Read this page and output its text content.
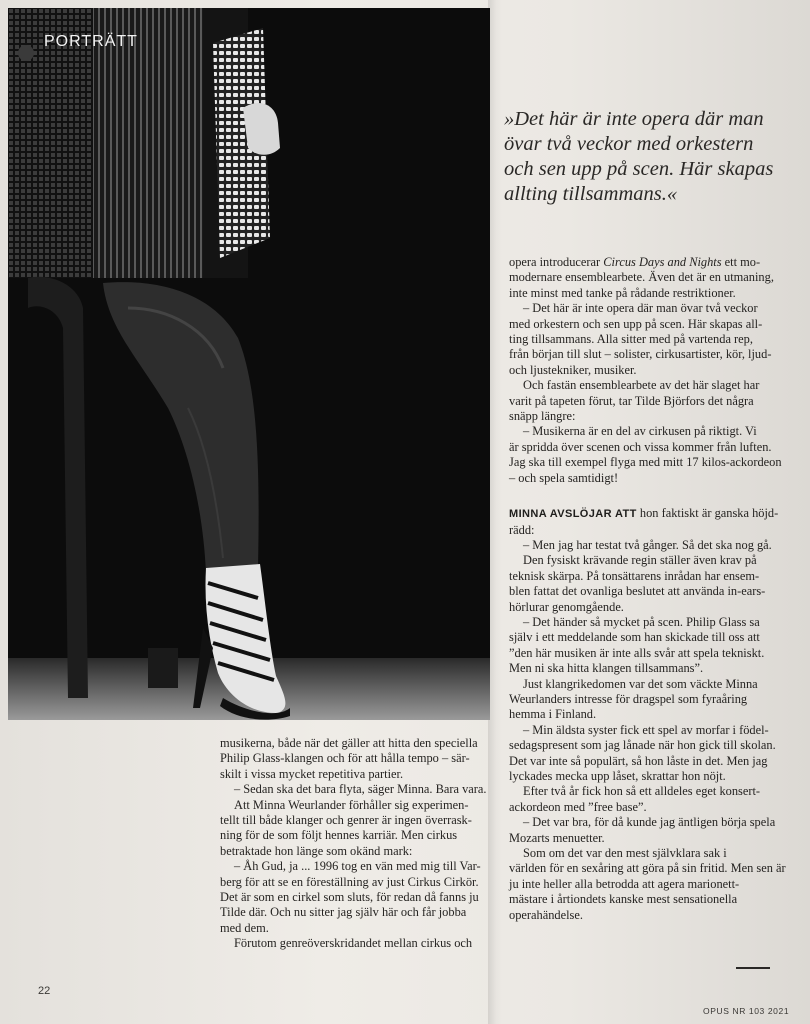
PORTRÄTT

»Det här är inte opera där man

övar två veckor med orkestern

och sen upp på scen. Här skapas

allting tillsammans.«

opera introducerar Circus Days and Nights ett mo-

modernare ensemblearbete. Även det är en utmaning,

inte minst med tanke på rådande restriktioner.

– Det här är inte opera där man övar två veckor

med orkestern och sen upp på scen. Här skapas all-

ting tillsammans. Alla sitter med på vartenda rep,

från början till slut – solister, cirkusartister, kör, ljud-

och ljustekniker, musiker.

Och fastän ensemblearbete av det här slaget har

varit på tapeten förut, tar Tilde Björfors det några

snäpp längre:

– Musikerna är en del av cirkusen på riktigt. Vi

är spridda över scenen och vissa kommer från luften.

Jag ska till exempel flyga med mitt 17 kilos-ackordeon

– och spela samtidigt!

MINNA AVSLÖJAR ATT hon faktiskt är ganska höjd-

rädd:

– Men jag har testat två gånger. Så det ska nog gå.

Den fysiskt krävande regin ställer även krav på

teknisk skärpa. På tonsättarens inrådan har ensem-

blen fattat det ovanliga beslutet att använda in-ears-

hörlurar genomgående.

– Det händer så mycket på scen. Philip Glass sa

själv i ett meddelande som han skickade till oss att

”den här musiken är inte alls svår att spela tekniskt.

Men ni ska hitta klangen tillsammans”.

Just klangrikedomen var det som väckte Minna

Weurlanders intresse för dragspel som fyraåring

hemma i Finland.

– Min äldsta syster fick ett spel av morfar i födel-

sedagspresent som jag lånade när hon gick till skolan.

Det var inte så populärt, så hon låste in det. Men jag

lyckades mecka upp låset, skrattar hon nöjt.

Efter två år fick hon så ett alldeles eget konsert-

ackordeon med ”free base”.

– Det var bra, för då kunde jag äntligen börja spela

Mozarts menuetter.

Som om det var den mest självklara sak i

världen för en sexåring att göra på sin fritid. Men sen är

ju inte heller alla betrodda att agera marionett-

mästare i årtiondets kanske mest sensationella

operahändelse.

musikerna, både när det gäller att hitta den speciella

Philip Glass-klangen och för att hålla tempo – sär-

skilt i vissa mycket repetitiva partier.

– Sedan ska det bara flyta, säger Minna. Bara vara.

Att Minna Weurlander förhåller sig experimen-

tellt till både klanger och genrer är ingen överrask-

ning för de som följt hennes karriär. Men cirkus

betraktade hon länge som okänd mark:

– Åh Gud, ja ... 1996 tog en vän med mig till Var-

berg för att se en föreställning av just Cirkus Cirkör.

Det är som en cirkel som sluts, för redan då fanns ju

Tilde där. Och nu sitter jag själv här och får jobba

med dem.

Förutom genreöverskridandet mellan cirkus och

22
OPUS NR 103 2021
